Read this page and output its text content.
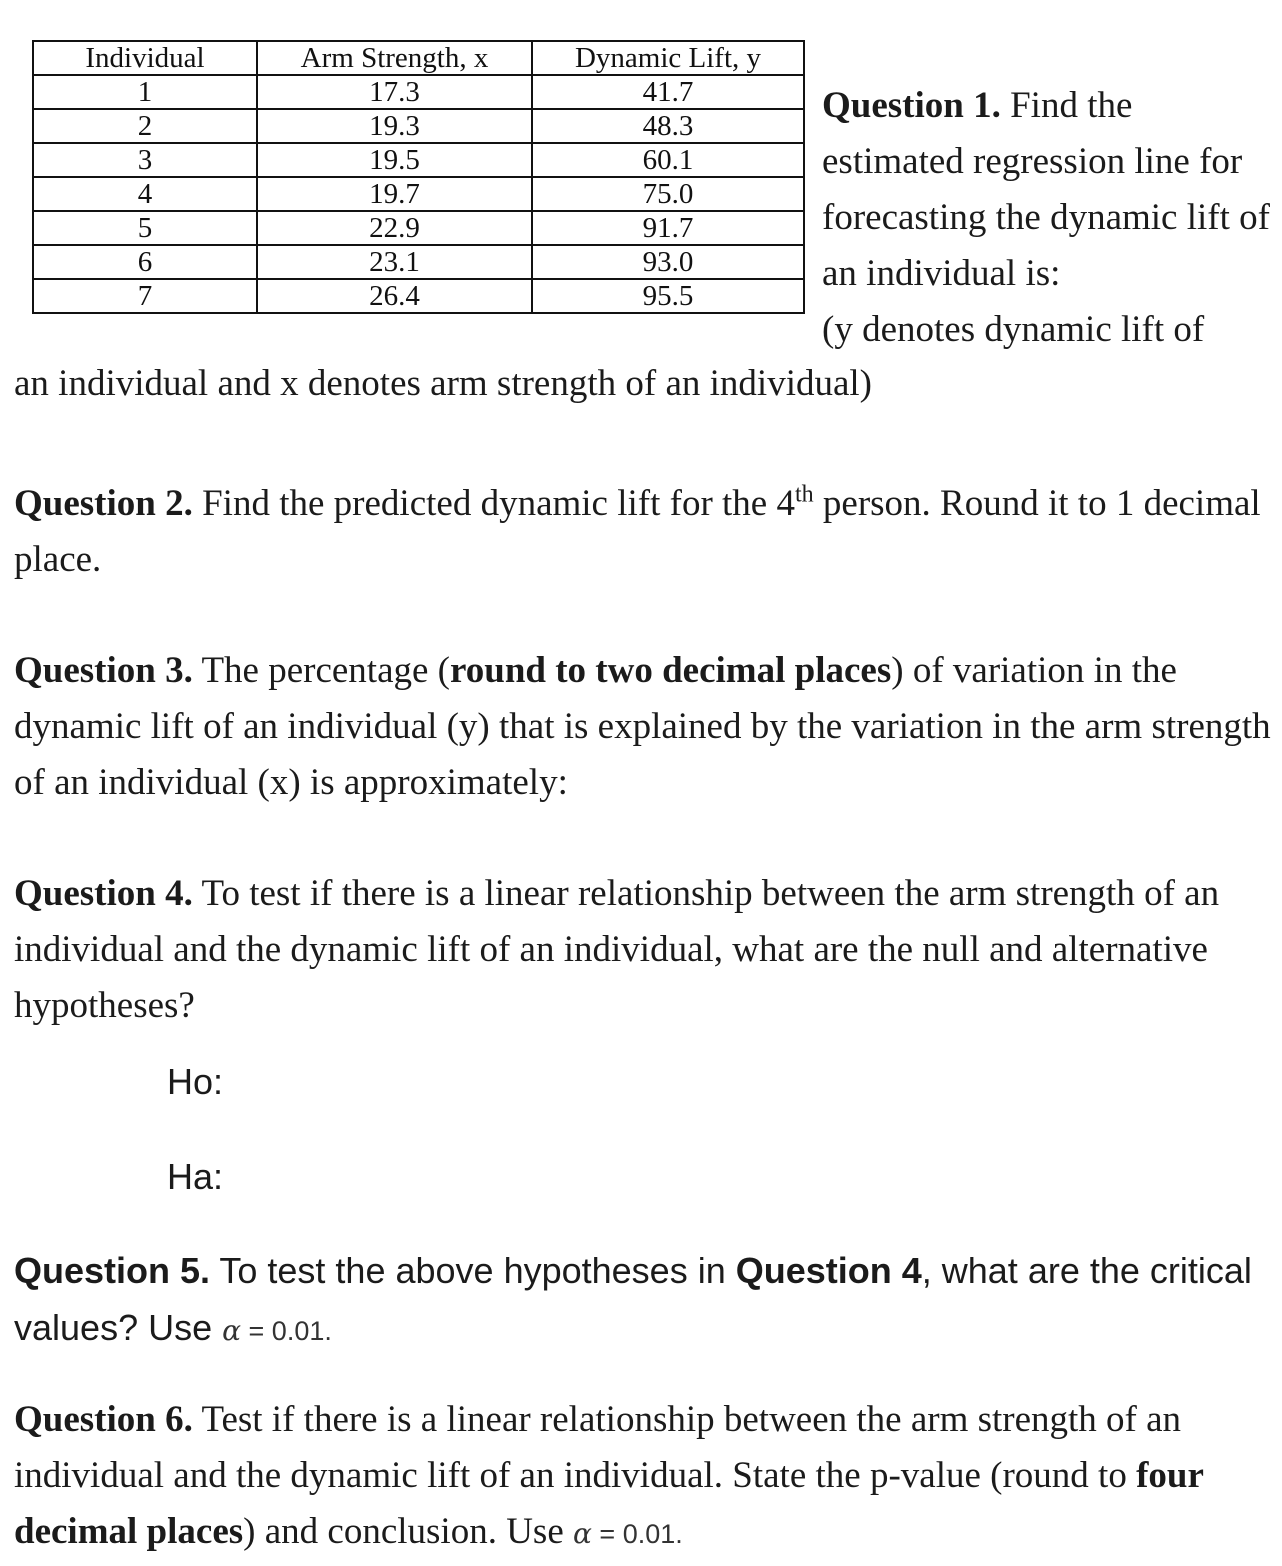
Individual	Arm Strength, x	Dynamic Lift, y
1	17.3	41.7
2	19.3	48.3
3	19.5	60.1
4	19.7	75.0
5	22.9	91.7
6	23.1	93.0
7	26.4	95.5
Question 1. Find the estimated regression line for forecasting the dynamic lift of an individual is:
(y denotes dynamic lift of
an individual and x denotes arm strength of an individual)
Question 2. Find the predicted dynamic lift for the 4th person. Round it to 1 decimal place.
Question 3. The percentage (round to two decimal places) of variation in the dynamic lift of an individual (y) that is explained by the variation in the arm strength of an individual (x) is approximately:
Question 4. To test if there is a linear relationship between the arm strength of an individual and the dynamic lift of an individual, what are the null and alternative hypotheses?
Ho:
Ha:
Question 5. To test the above hypotheses in Question 4, what are the critical values? Use α = 0.01.
Question 6. Test if there is a linear relationship between the arm strength of an individual and the dynamic lift of an individual. State the p-value (round to four decimal places) and conclusion. Use α = 0.01.
